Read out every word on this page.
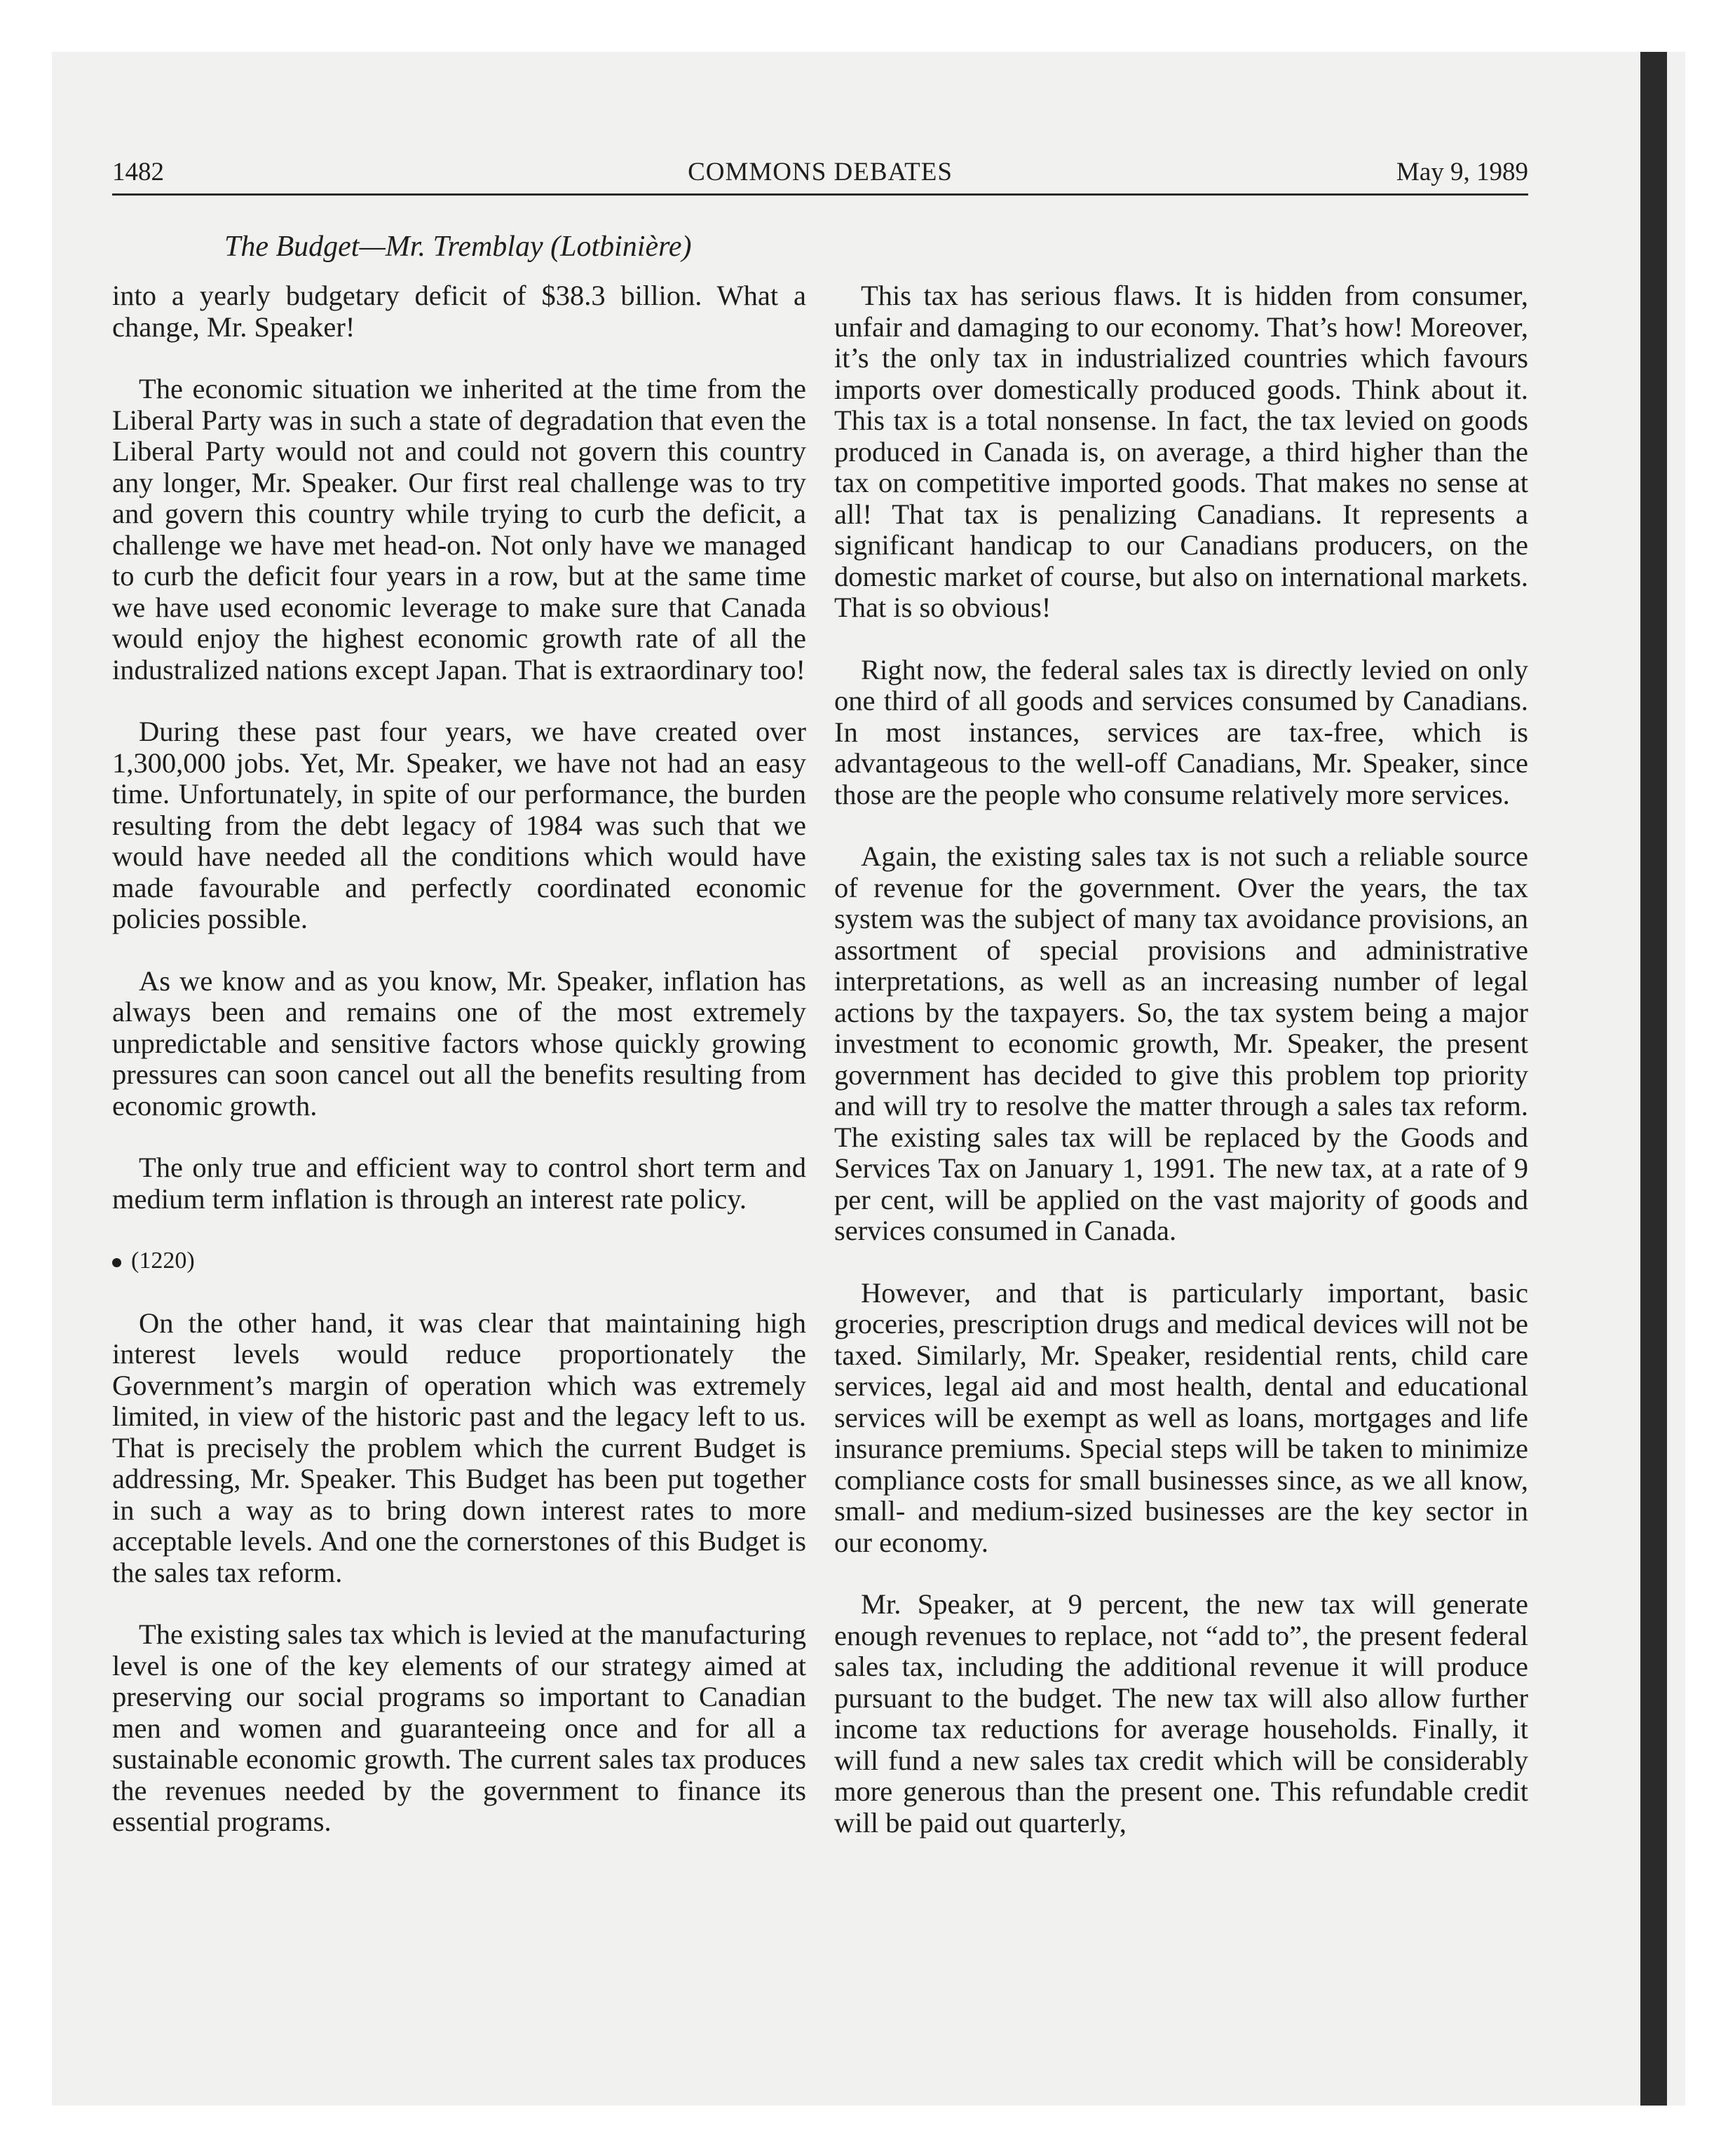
1482	COMMONS DEBATES	May 9, 1989
The Budget—Mr. Tremblay (Lotbinière)

into a yearly budgetary deficit of $38.3 billion. What a change, Mr. Speaker!

The economic situation we inherited at the time from the Liberal Party was in such a state of degradation that even the Liberal Party would not and could not govern this country any longer, Mr. Speaker. Our first real challenge was to try and govern this country while trying to curb the deficit, a challenge we have met head-on. Not only have we managed to curb the deficit four years in a row, but at the same time we have used economic leverage to make sure that Canada would enjoy the highest economic growth rate of all the industralized nations except Japan. That is extraordinary too!

During these past four years, we have created over 1,300,000 jobs. Yet, Mr. Speaker, we have not had an easy time. Unfortunately, in spite of our performance, the burden resulting from the debt legacy of 1984 was such that we would have needed all the conditions which would have made favourable and perfectly coordinated economic policies possible.

As we know and as you know, Mr. Speaker, inflation has always been and remains one of the most extremely unpredictable and sensitive factors whose quickly growing pressures can soon cancel out all the benefits resulting from economic growth.

The only true and efficient way to control short term and medium term inflation is through an interest rate policy.

(1220)

On the other hand, it was clear that maintaining high interest levels would reduce proportionately the Government’s margin of operation which was extremely limited, in view of the historic past and the legacy left to us. That is precisely the problem which the current Budget is addressing, Mr. Speaker. This Budget has been put together in such a way as to bring down interest rates to more acceptable levels. And one the cornerstones of this Budget is the sales tax reform.

The existing sales tax which is levied at the manufacturing level is one of the key elements of our strategy aimed at preserving our social programs so important to Canadian men and women and guaranteeing once and for all a sustainable economic growth. The current sales tax produces the revenues needed by the government to finance its essential programs.

This tax has serious flaws. It is hidden from consumer, unfair and damaging to our economy. That’s how! Moreover, it’s the only tax in industrialized countries which favours imports over domestically produced goods. Think about it. This tax is a total nonsense. In fact, the tax levied on goods produced in Canada is, on average, a third higher than the tax on competitive imported goods. That makes no sense at all! That tax is penalizing Canadians. It represents a significant handicap to our Canadians producers, on the domestic market of course, but also on international markets. That is so obvious!

Right now, the federal sales tax is directly levied on only one third of all goods and services consumed by Canadians. In most instances, services are tax-free, which is advantageous to the well-off Canadians, Mr. Speaker, since those are the people who consume relatively more services.

Again, the existing sales tax is not such a reliable source of revenue for the government. Over the years, the tax system was the subject of many tax avoidance provisions, an assortment of special provisions and administrative interpretations, as well as an increasing number of legal actions by the taxpayers. So, the tax system being a major investment to economic growth, Mr. Speaker, the present government has decided to give this problem top priority and will try to resolve the matter through a sales tax reform. The existing sales tax will be replaced by the Goods and Services Tax on January 1, 1991. The new tax, at a rate of 9 per cent, will be applied on the vast majority of goods and services consumed in Canada.

However, and that is particularly important, basic groceries, prescription drugs and medical devices will not be taxed. Similarly, Mr. Speaker, residential rents, child care services, legal aid and most health, dental and educational services will be exempt as well as loans, mortgages and life insurance premiums. Special steps will be taken to minimize compliance costs for small businesses since, as we all know, small- and medium-sized businesses are the key sector in our economy.

Mr. Speaker, at 9 percent, the new tax will generate enough revenues to replace, not “add to”, the present federal sales tax, including the additional revenue it will produce pursuant to the budget. The new tax will also allow further income tax reductions for average households. Finally, it will fund a new sales tax credit which will be considerably more generous than the present one. This refundable credit will be paid out quarterly,
